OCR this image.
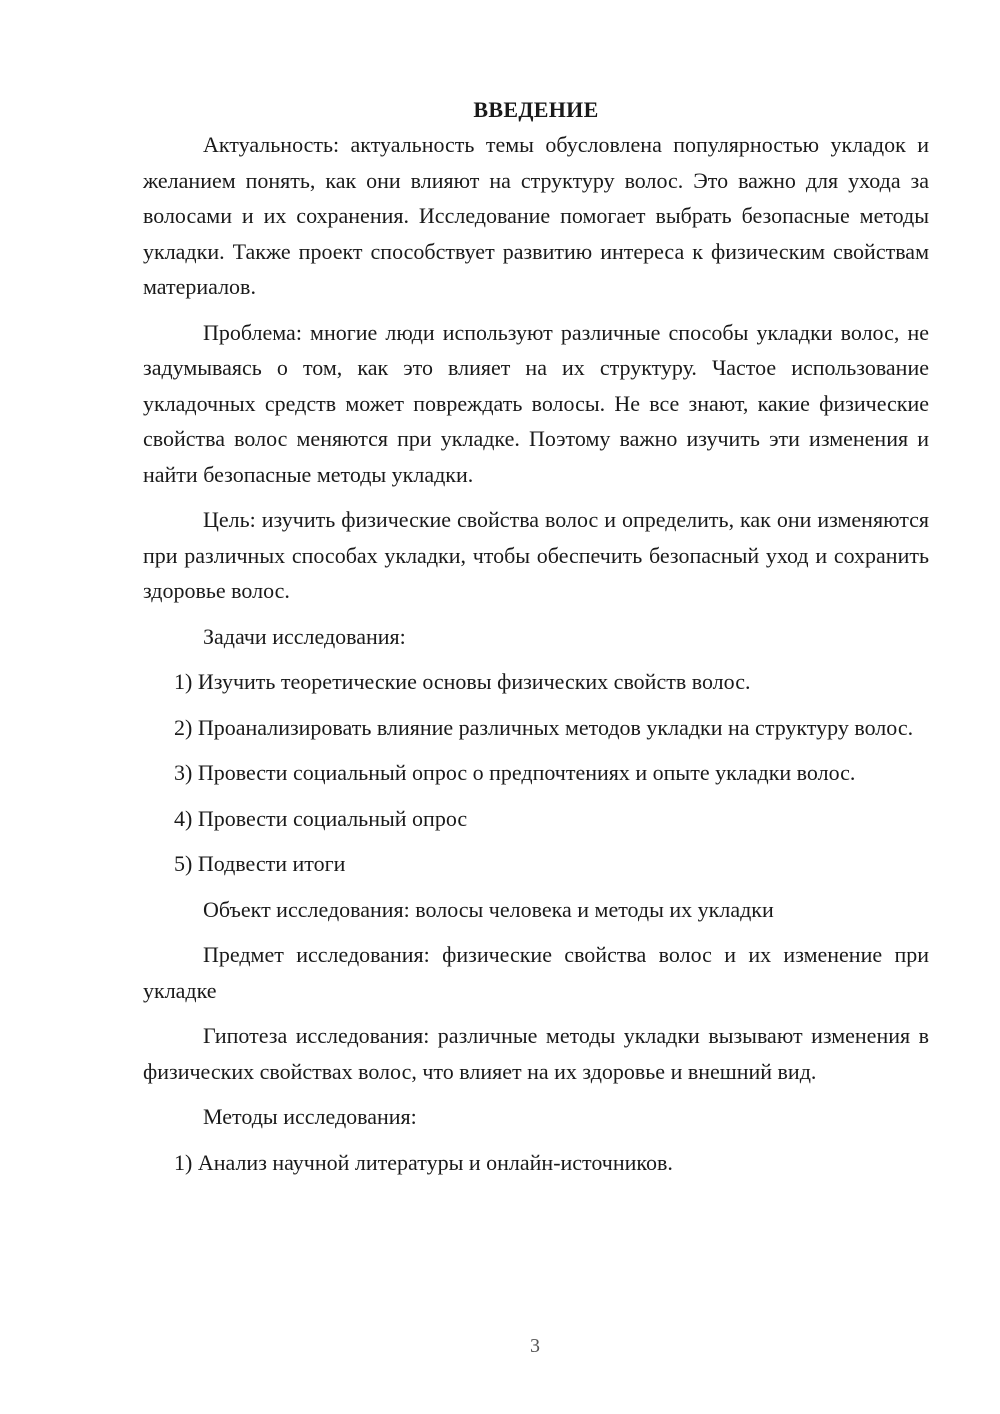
ВВЕДЕНИЕ

Актуальность: актуальность темы обусловлена популярностью укладок и желанием понять, как они влияют на структуру волос. Это важно для ухода за волосами и их сохранения. Исследование помогает выбрать безопасные методы укладки. Также проект способствует развитию интереса к физическим свойствам материалов.

Проблема: многие люди используют различные способы укладки волос, не задумываясь о том, как это влияет на их структуру. Частое использование укладочных средств может повреждать волосы. Не все знают, какие физические свойства волос меняются при укладке. Поэтому важно изучить эти изменения и найти безопасные методы укладки.

Цель: изучить физические свойства волос и определить, как они изменяются при различных способах укладки, чтобы обеспечить безопасный уход и сохранить здоровье волос.

Задачи исследования:

1) Изучить теоретические основы физических свойств волос.

2) Проанализировать влияние различных методов укладки на структуру волос.

3) Провести социальный опрос о предпочтениях и опыте укладки волос.

4) Провести социальный опрос

5) Подвести итоги

Объект исследования: волосы человека и методы их укладки

Предмет исследования: физические свойства волос и их изменение при укладке

Гипотеза исследования: различные методы укладки вызывают изменения в физических свойствах волос, что влияет на их здоровье и внешний вид.

Методы исследования:

1) Анализ научной литературы и онлайн-источников.

3
